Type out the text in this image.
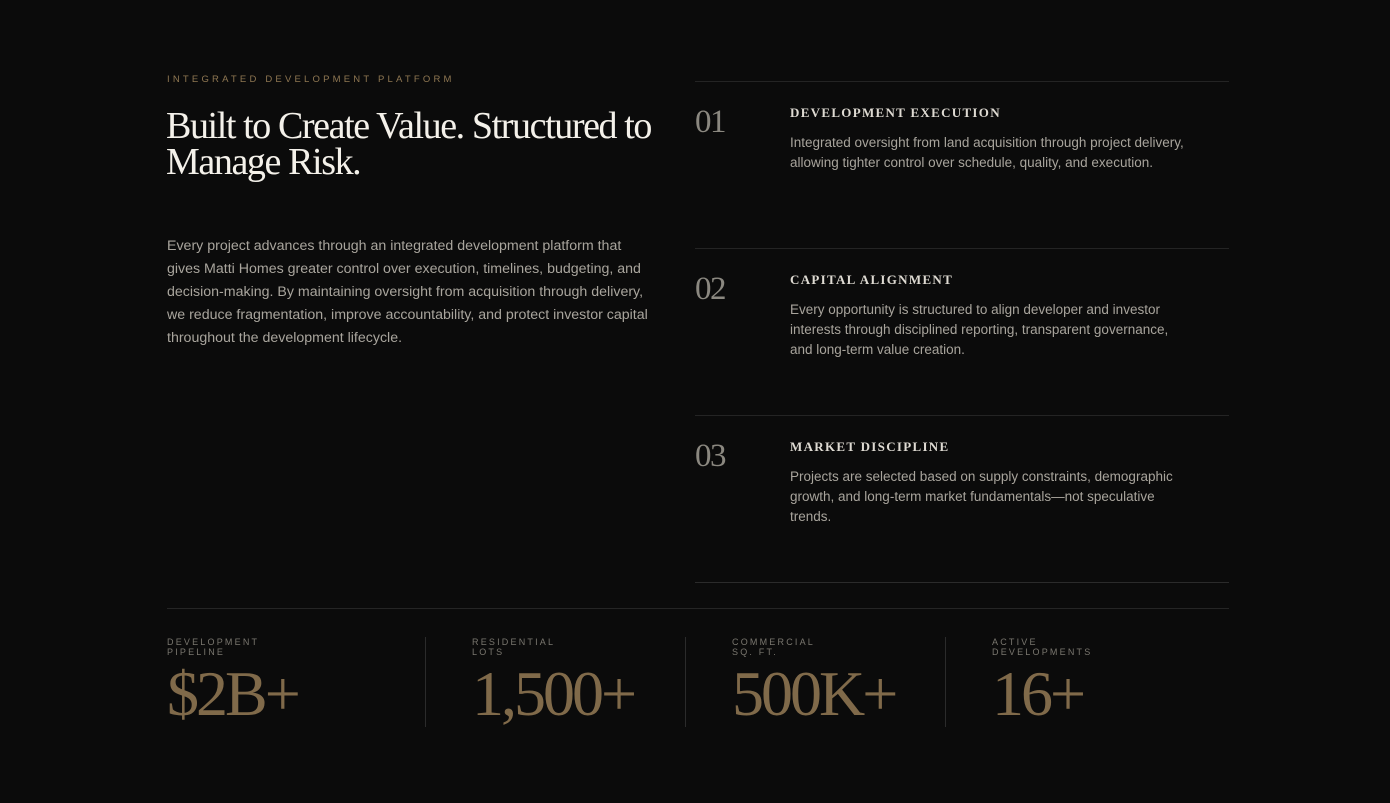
INTEGRATED DEVELOPMENT PLATFORM
Built to Create Value. Structured to Manage Risk.

Every project advances through an integrated development platform that gives Matti Homes greater control over execution, timelines, budgeting, and decision-making. By maintaining oversight from acquisition through delivery, we reduce fragmentation, improve accountability, and protect investor capital throughout the development lifecycle.

01	DEVELOPMENT EXECUTION

Integrated oversight from land acquisition through project delivery, allowing tighter control over schedule, quality, and execution.

02	CAPITAL ALIGNMENT

Every opportunity is structured to align developer and investor interests through disciplined reporting, transparent governance, and long-term value creation.

03	MARKET DISCIPLINE

Projects are selected based on supply constraints, demographic growth, and long-term market fundamentals—not speculative trends.

DEVELOPMENT
PIPELINE
$2B+
RESIDENTIAL
LOTS
1,500+
COMMERCIAL
SQ. FT.
500K+
ACTIVE
DEVELOPMENTS
16+
